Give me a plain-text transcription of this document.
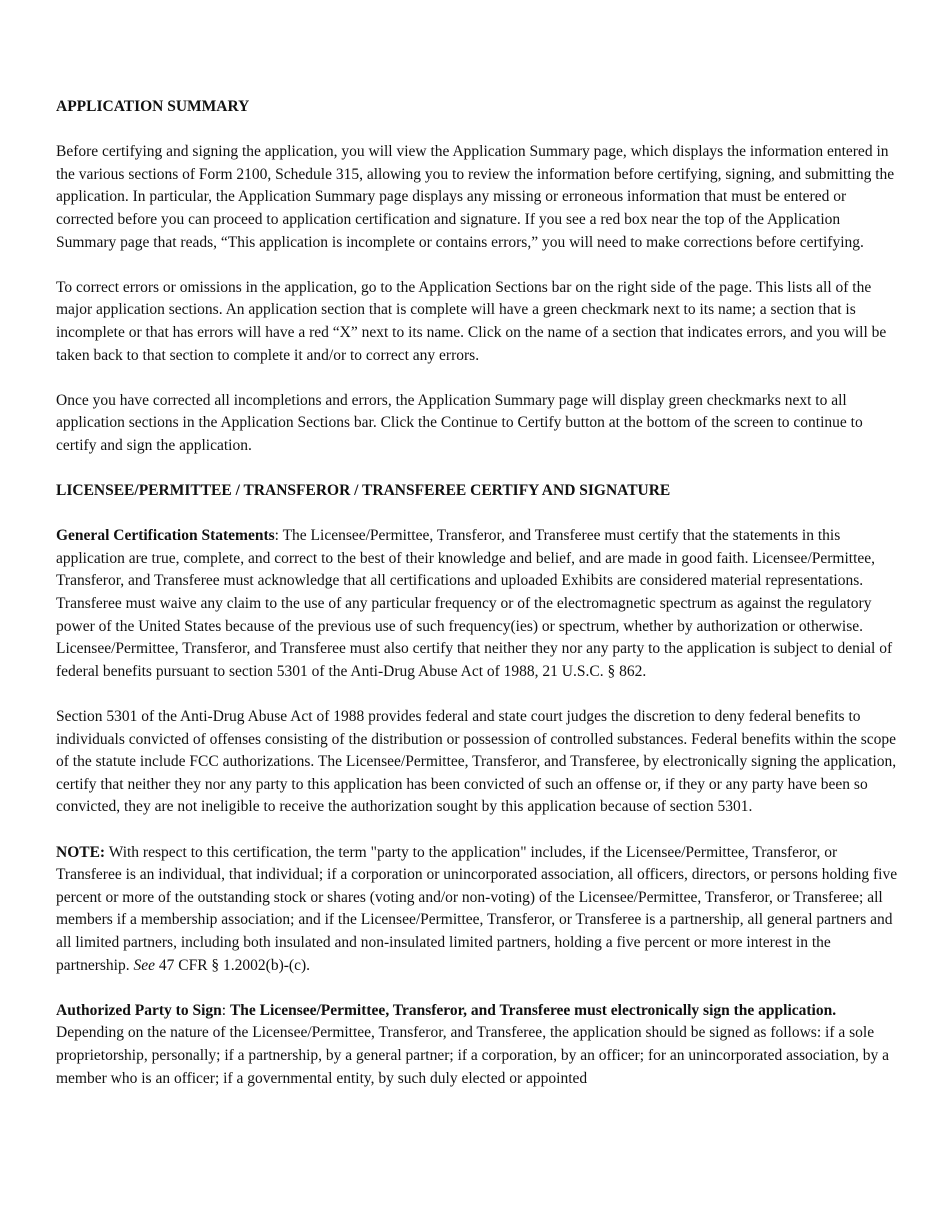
APPLICATION SUMMARY

Before certifying and signing the application, you will view the Application Summary page, which displays the information entered in the various sections of Form 2100, Schedule 315, allowing you to review the information before certifying, signing, and submitting the application. In particular, the Application Summary page displays any missing or erroneous information that must be entered or corrected before you can proceed to application certification and signature. If you see a red box near the top of the Application Summary page that reads, “This application is incomplete or contains errors,” you will need to make corrections before certifying.

To correct errors or omissions in the application, go to the Application Sections bar on the right side of the page. This lists all of the major application sections. An application section that is complete will have a green checkmark next to its name; a section that is incomplete or that has errors will have a red “X” next to its name. Click on the name of a section that indicates errors, and you will be taken back to that section to complete it and/or to correct any errors.

Once you have corrected all incompletions and errors, the Application Summary page will display green checkmarks next to all application sections in the Application Sections bar. Click the Continue to Certify button at the bottom of the screen to continue to certify and sign the application.

LICENSEE/PERMITTEE / TRANSFEROR / TRANSFEREE CERTIFY AND SIGNATURE

General Certification Statements: The Licensee/Permittee, Transferor, and Transferee must certify that the statements in this application are true, complete, and correct to the best of their knowledge and belief, and are made in good faith. Licensee/Permittee, Transferor, and Transferee must acknowledge that all certifications and uploaded Exhibits are considered material representations. Transferee must waive any claim to the use of any particular frequency or of the electromagnetic spectrum as against the regulatory power of the United States because of the previous use of such frequency(ies) or spectrum, whether by authorization or otherwise. Licensee/Permittee, Transferor, and Transferee must also certify that neither they nor any party to the application is subject to denial of federal benefits pursuant to section 5301 of the Anti-Drug Abuse Act of 1988, 21 U.S.C. § 862.

Section 5301 of the Anti-Drug Abuse Act of 1988 provides federal and state court judges the discretion to deny federal benefits to individuals convicted of offenses consisting of the distribution or possession of controlled substances. Federal benefits within the scope of the statute include FCC authorizations. The Licensee/Permittee, Transferor, and Transferee, by electronically signing the application, certify that neither they nor any party to this application has been convicted of such an offense or, if they or any party have been so convicted, they are not ineligible to receive the authorization sought by this application because of section 5301.

NOTE: With respect to this certification, the term "party to the application" includes, if the Licensee/Permittee, Transferor, or Transferee is an individual, that individual; if a corporation or unincorporated association, all officers, directors, or persons holding five percent or more of the outstanding stock or shares (voting and/or non-voting) of the Licensee/Permittee, Transferor, or Transferee; all members if a membership association; and if the Licensee/Permittee, Transferor, or Transferee is a partnership, all general partners and all limited partners, including both insulated and non-insulated limited partners, holding a five percent or more interest in the partnership. See 47 CFR § 1.2002(b)-(c).

Authorized Party to Sign: The Licensee/Permittee, Transferor, and Transferee must electronically sign the application. Depending on the nature of the Licensee/Permittee, Transferor, and Transferee, the application should be signed as follows: if a sole proprietorship, personally; if a partnership, by a general partner; if a corporation, by an officer; for an unincorporated association, by a member who is an officer; if a governmental entity, by such duly elected or appointed
